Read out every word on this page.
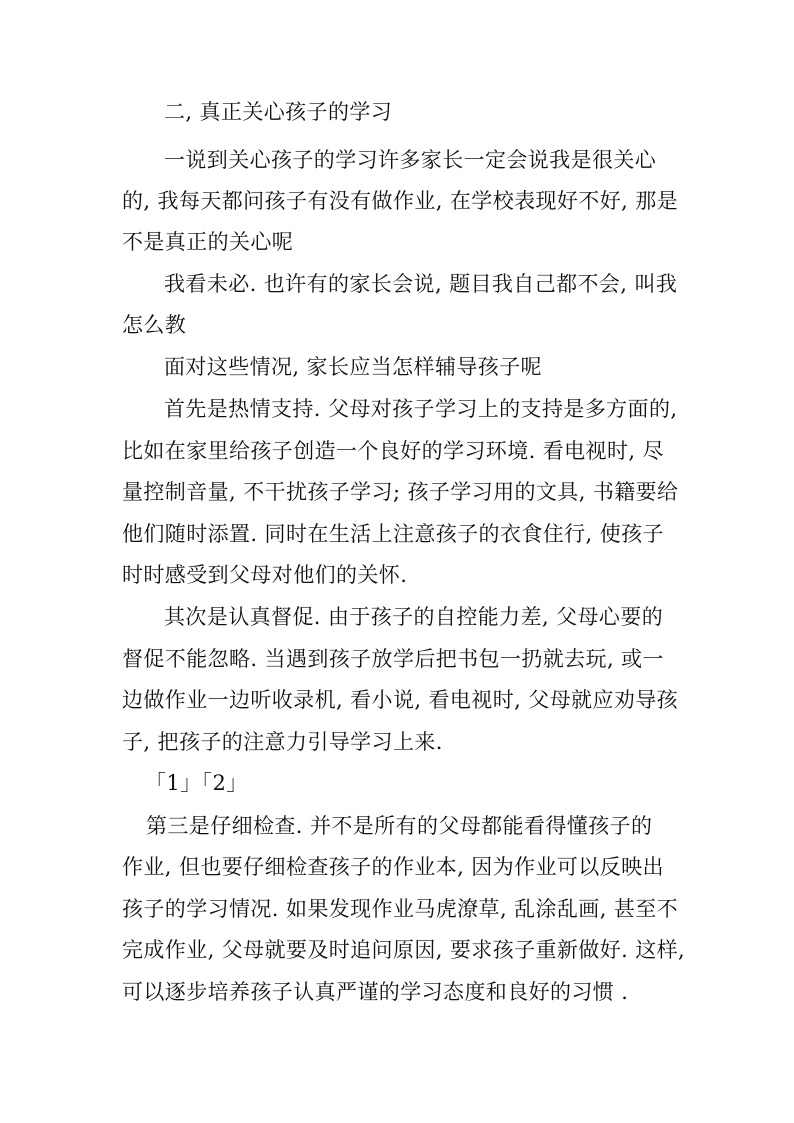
二, 真正关心孩子的学习

一说到关心孩子的学习许多家长一定会说我是很关心

的, 我每天都问孩子有没有做作业, 在学校表现好不好, 那是

不是真正的关心呢

我看未必. 也许有的家长会说, 题目我自己都不会, 叫我

怎么教

面对这些情况, 家长应当怎样辅导孩子呢

首先是热情支持. 父母对孩子学习上的支持是多方面的,

比如在家里给孩子创造一个良好的学习环境. 看电视时, 尽

量控制音量, 不干扰孩子学习; 孩子学习用的文具, 书籍要给

他们随时添置. 同时在生活上注意孩子的衣食住行, 使孩子

时时感受到父母对他们的关怀.

其次是认真督促. 由于孩子的自控能力差, 父母心要的

督促不能忽略. 当遇到孩子放学后把书包一扔就去玩, 或一

边做作业一边听收录机, 看小说, 看电视时, 父母就应劝导孩

子, 把孩子的注意力引导学习上来.

「1」「2」

第三是仔细检查. 并不是所有的父母都能看得懂孩子的

作业, 但也要仔细检查孩子的作业本, 因为作业可以反映出

孩子的学习情况. 如果发现作业马虎潦草, 乱涂乱画, 甚至不

完成作业, 父母就要及时追问原因, 要求孩子重新做好. 这样,

可以逐步培养孩子认真严谨的学习态度和良好的习惯 .
